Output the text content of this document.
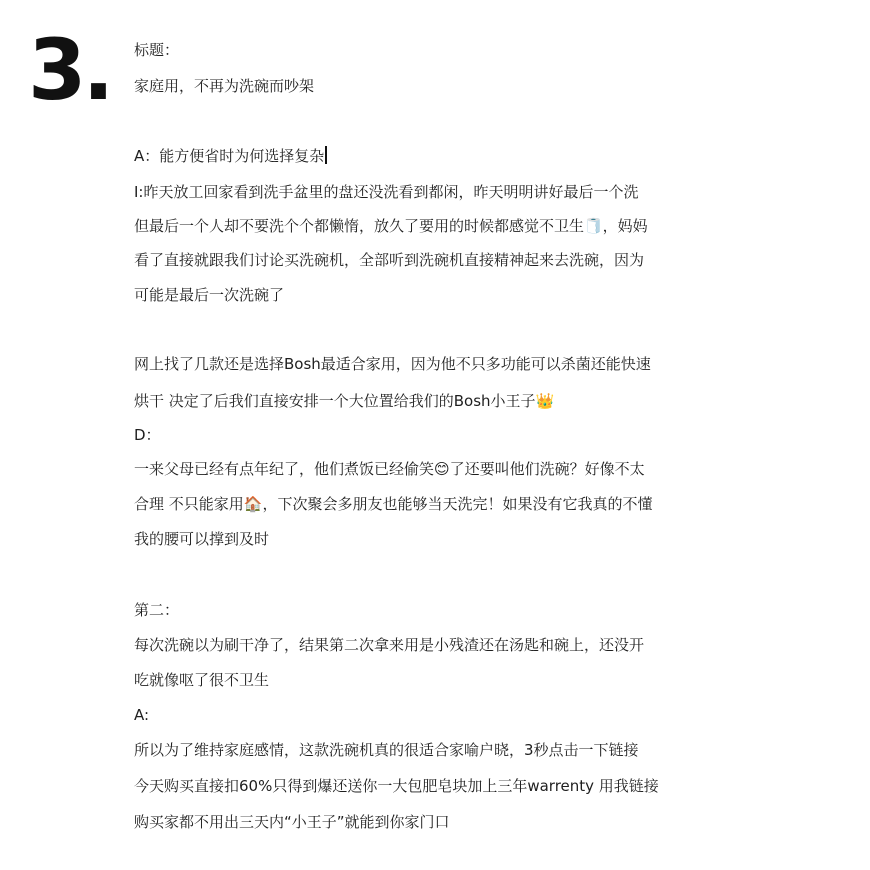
3. 标题：
家庭用，不再为洗碗而吵架
A：能方便省时为何选择复杂
I:昨天放工回家看到洗手盆里的盘还没洗看到都闲，昨天明明讲好最后一个洗
但最后一个人却不要洗个个都懒惰，放久了要用的时候都感觉不卫生🧻，妈妈
看了直接就跟我们讨论买洗碗机，全部听到洗碗机直接精神起来去洗碗，因为
可能是最后一次洗碗了
网上找了几款还是选择Bosh最适合家用，因为他不只多功能可以杀菌还能快速
烘干 决定了后我们直接安排一个大位置给我们的Bosh小王子👑
D：
一来父母已经有点年纪了，他们煮饭已经偷笑😊了还要叫他们洗碗？好像不太
合理 不只能家用🏠，下次聚会多朋友也能够当天洗完！如果没有它我真的不懂
我的腰可以撑到及时
第二：
每次洗碗以为刷干净了，结果第二次拿来用是小残渣还在汤匙和碗上，还没开
吃就像呕了很不卫生
A:
所以为了维持家庭感情，这款洗碗机真的很适合家喻户晓，3秒点击一下链接
今天购买直接扣60%只得到爆还送你一大包肥皂块加上三年warrenty 用我链接
购买家都不用出三天内“小王子”就能到你家门口
